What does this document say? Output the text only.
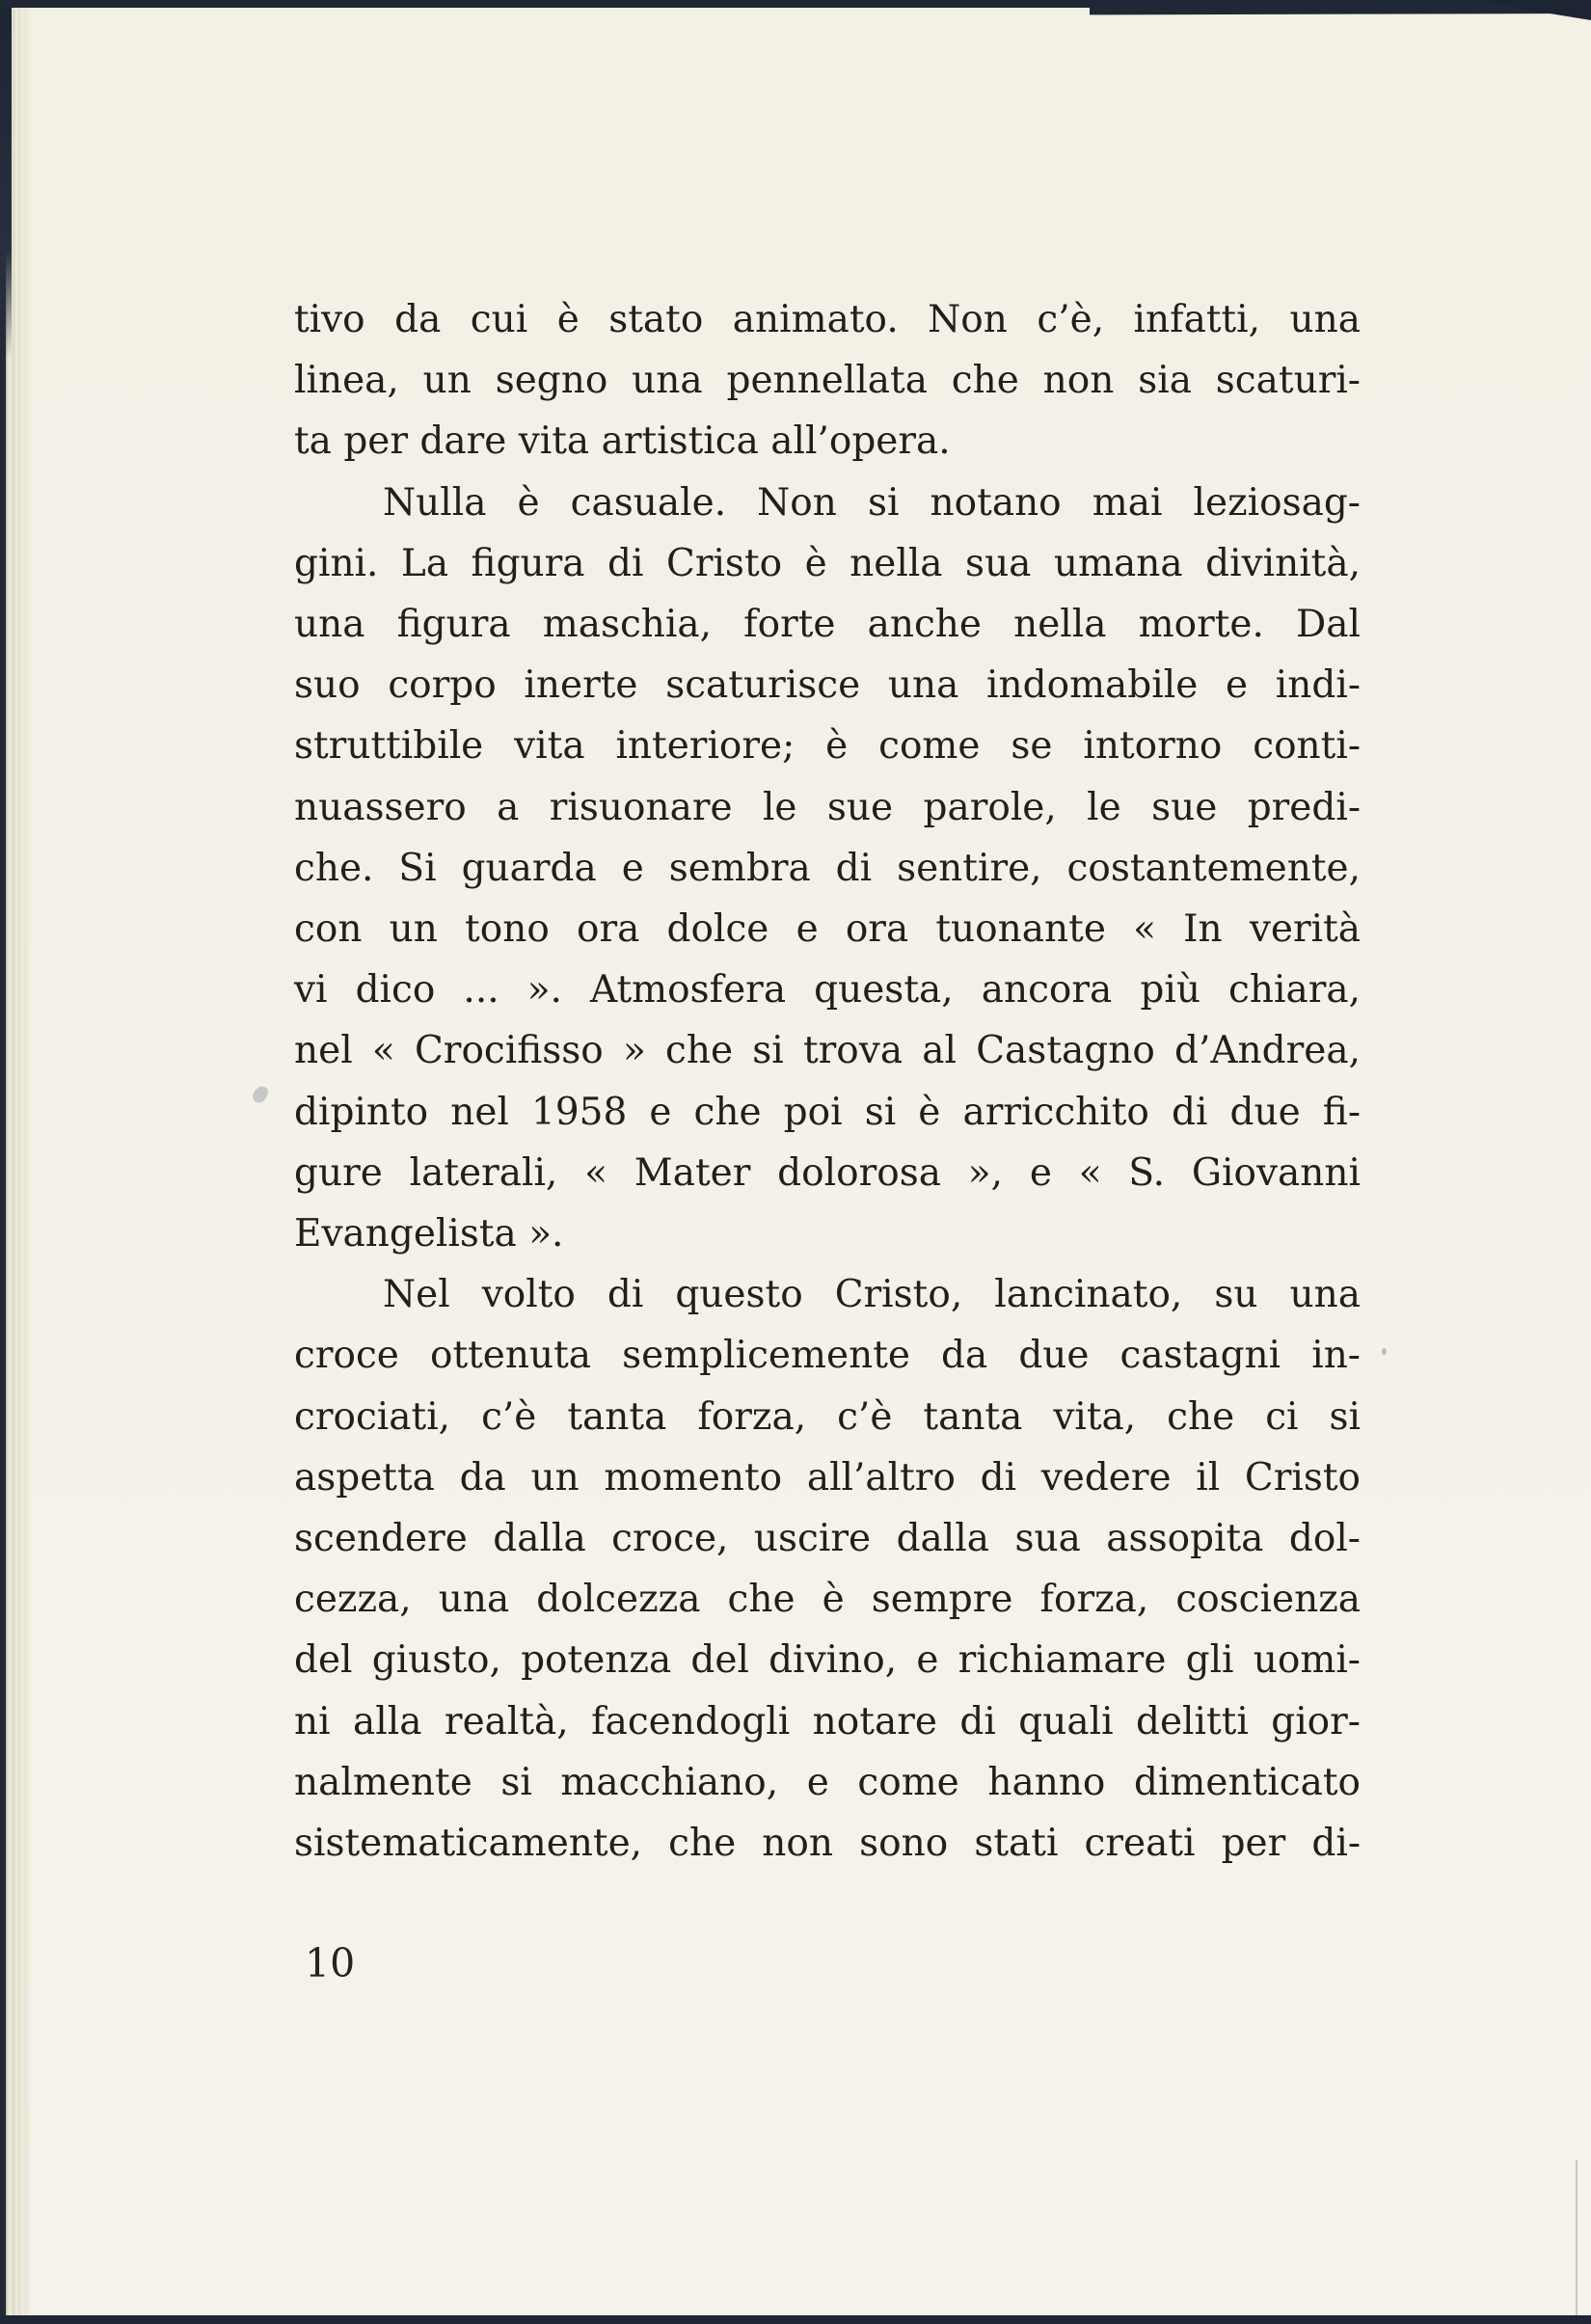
tivo da cui è stato animato. Non c’è, infatti, una

linea, un segno una pennellata che non sia scaturi-

ta per dare vita artistica all’opera.

Nulla è casuale. Non si notano mai leziosag-

gini. La figura di Cristo è nella sua umana divinità,

una figura maschia, forte anche nella morte. Dal

suo corpo inerte scaturisce una indomabile e indi-

struttibile vita interiore; è come se intorno conti-

nuassero a risuonare le sue parole, le sue predi-

che. Si guarda e sembra di sentire, costantemente,

con un tono ora dolce e ora tuonante « In verità

vi dico ... ». Atmosfera questa, ancora più chiara,

nel « Crocifisso » che si trova al Castagno d’Andrea,

dipinto nel 1958 e che poi si è arricchito di due fi-

gure laterali, « Mater dolorosa », e « S. Giovanni

Evangelista ».

Nel volto di questo Cristo, lancinato, su una

croce ottenuta semplicemente da due castagni in-

crociati, c’è tanta forza, c’è tanta vita, che ci si

aspetta da un momento all’altro di vedere il Cristo

scendere dalla croce, uscire dalla sua assopita dol-

cezza, una dolcezza che è sempre forza, coscienza

del giusto, potenza del divino, e richiamare gli uomi-

ni alla realtà, facendogli notare di quali delitti gior-

nalmente si macchiano, e come hanno dimenticato

sistematicamente, che non sono stati creati per di-

10
